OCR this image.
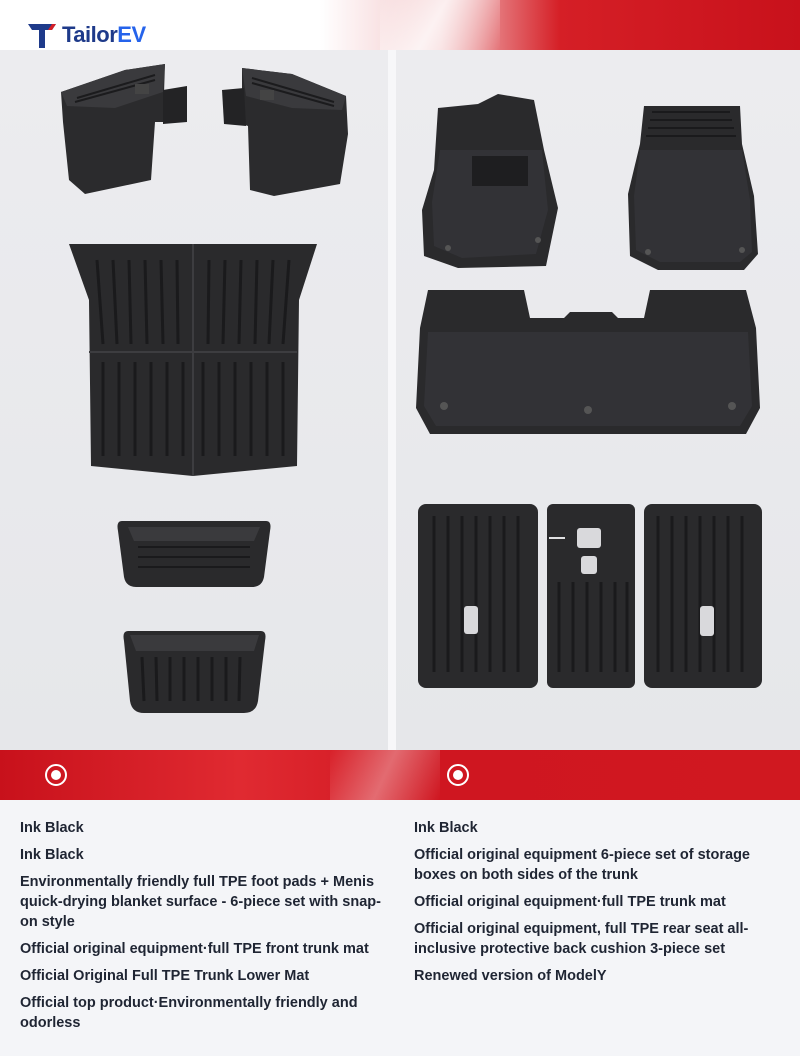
TailorEV
Ink Black
Ink Black
Environmentally friendly full TPE foot pads + Menis quick-drying blanket surface - 6-piece set with snap-on style
Official original equipment·full TPE front trunk mat
Official Original Full TPE Trunk Lower Mat
Official top product·Environmentally friendly and odorless
Ink Black
Official original equipment 6-piece set of storage boxes on both sides of the trunk
Official original equipment·full TPE trunk mat
Official original equipment, full TPE rear seat all-inclusive protective back cushion 3-piece set
Renewed version of ModelY
